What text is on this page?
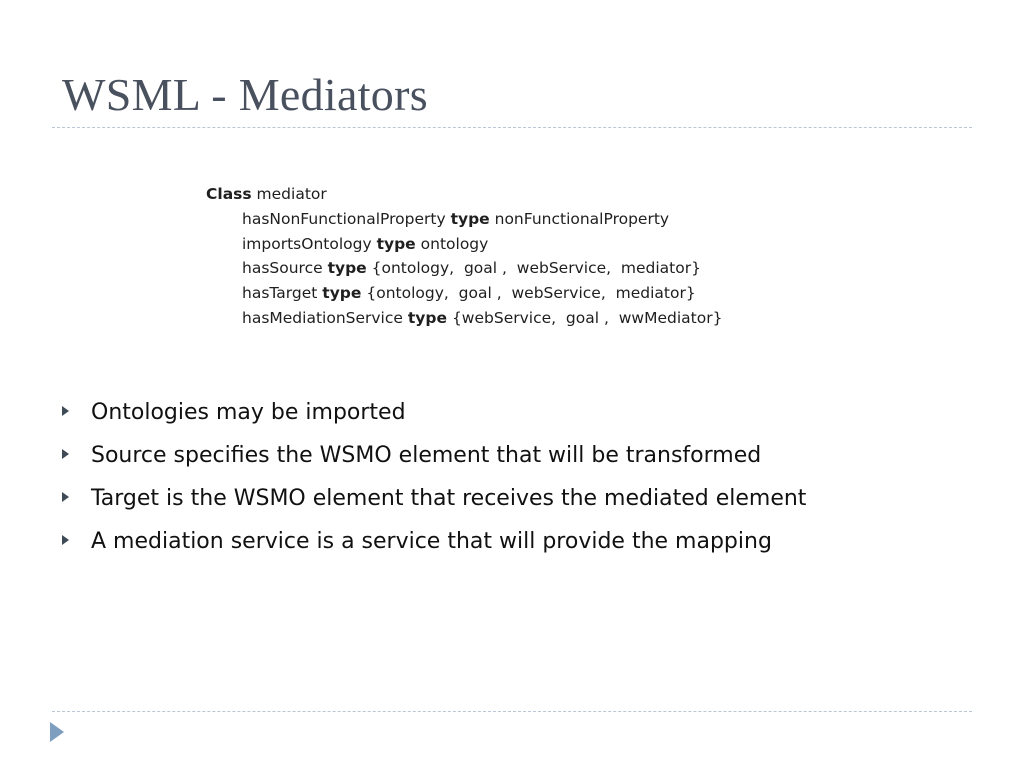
WSML - Mediators
Class mediator
hasNonFunctionalProperty type nonFunctionalProperty
importsOntology type ontology
hasSource type {ontology,  goal ,  webService,  mediator}
hasTarget type {ontology,  goal ,  webService,  mediator}
hasMediationService type {webService,  goal ,  wwMediator}
Ontologies may be imported
Source specifies the WSMO element that will be transformed
Target is the WSMO element that receives the mediated element
A mediation service is a service that will provide the mapping
